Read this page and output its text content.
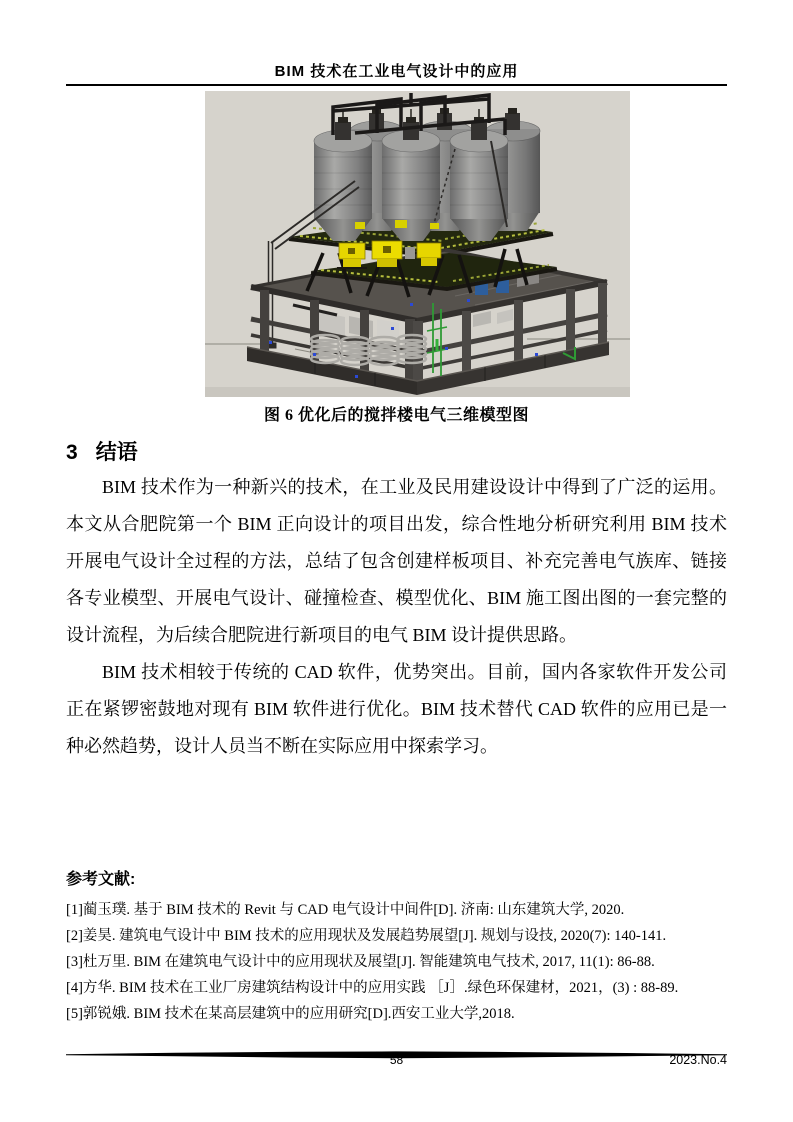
BIM 技术在工业电气设计中的应用
图 6 优化后的搅拌楼电气三维模型图
3 结语

BIM 技术作为一种新兴的技术，在工业及民用建设设计中得到了广泛的运用。本文从合肥院第一个 BIM 正向设计的项目出发，综合性地分析研究利用 BIM 技术开展电气设计全过程的方法，总结了包含创建样板项目、补充完善电气族库、链接各专业模型、开展电气设计、碰撞检查、模型优化、BIM 施工图出图的一套完整的设计流程，为后续合肥院进行新项目的电气 BIM 设计提供思路。

BIM 技术相较于传统的 CAD 软件，优势突出。目前，国内各家软件开发公司正在紧锣密鼓地对现有 BIM 软件进行优化。BIM 技术替代 CAD 软件的应用已是一种必然趋势，设计人员当不断在实际应用中探索学习。

参考文献:
[1]蔺玉璞. 基于 BIM 技术的 Revit 与 CAD 电气设计中间件[D]. 济南: 山东建筑大学, 2020.
[2]姜昊. 建筑电气设计中 BIM 技术的应用现状及发展趋势展望[J]. 规划与设技, 2020(7): 140-141.
[3]杜万里. BIM 在建筑电气设计中的应用现状及展望[J]. 智能建筑电气技术, 2017, 11(1): 86-88.
[4]方华. BIM 技术在工业厂房建筑结构设计中的应用实践 ［J］.绿色环保建材，2021，(3) : 88-89.
[5]郭锐娥. BIM 技术在某高层建筑中的应用研究[D].西安工业大学,2018.
58	2023.No.4
